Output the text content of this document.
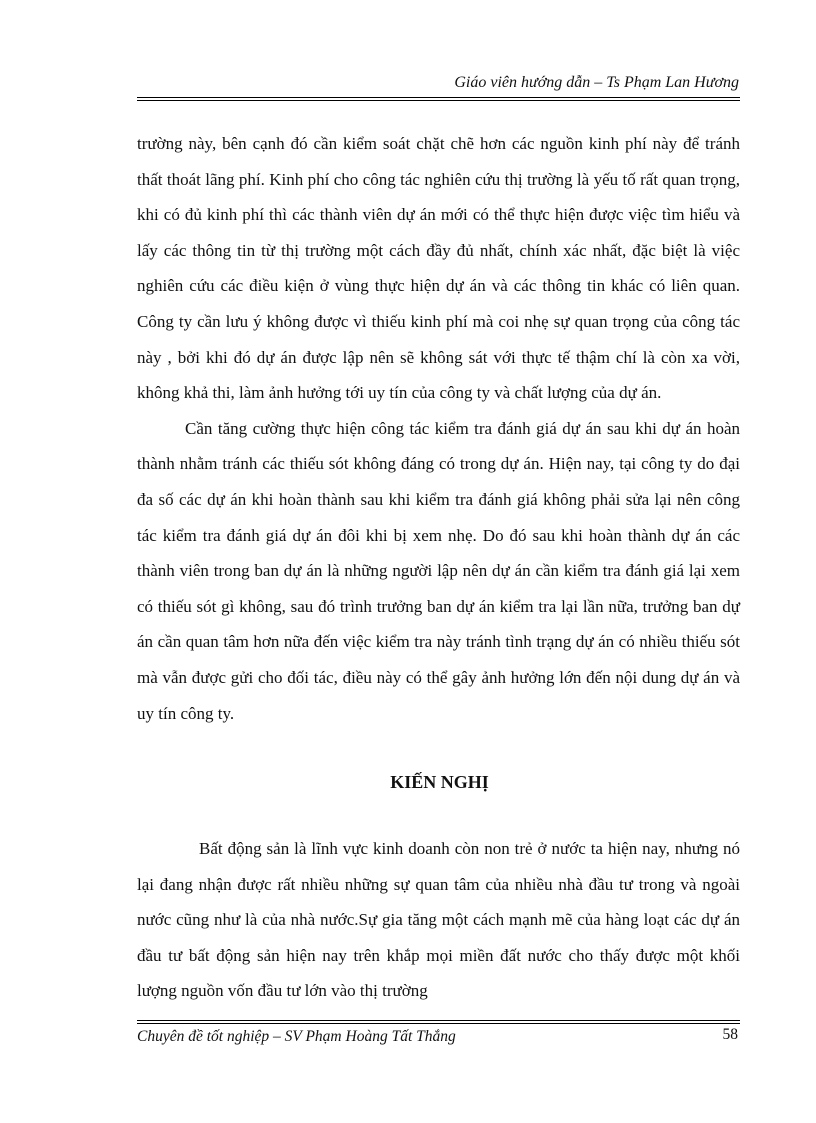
Giáo viên hướng dẫn – Ts Phạm Lan Hương

trường này, bên cạnh đó cần kiểm soát chặt chẽ hơn các nguồn kinh phí này để tránh thất thoát lãng phí. Kinh phí cho công tác nghiên cứu thị trường là yếu tố rất quan trọng, khi có đủ kinh phí thì các thành viên dự án mới có thể thực hiện được việc tìm hiểu và lấy các thông tin từ thị trường một cách đầy đủ nhất, chính xác nhất, đặc biệt là việc nghiên cứu các điều kiện ở vùng thực hiện dự án và các thông tin khác có liên quan. Công ty cần lưu ý không được vì thiếu kinh phí mà coi nhẹ sự quan trọng của công tác này , bởi khi đó dự án được lập nên sẽ không sát với thực tế thậm chí là còn xa vời, không khả thi, làm ảnh hưởng tới uy tín của công ty và chất lượng của dự án.

Cần tăng cường thực hiện công tác kiểm tra đánh giá dự án sau khi dự án hoàn thành nhằm tránh các thiếu sót không đáng có trong dự án. Hiện nay, tại công ty do đại đa số các dự án khi hoàn thành sau khi kiểm tra đánh giá không phải sửa lại nên công tác kiểm tra đánh giá dự án đôi khi bị xem nhẹ. Do đó sau khi hoàn thành dự án các thành viên trong ban dự án là những người lập nên dự án cần kiểm tra đánh giá lại xem có thiếu sót gì không, sau đó trình trưởng ban dự án kiểm tra lại lần nữa, trưởng ban dự án cần quan tâm hơn nữa đến việc kiểm tra này tránh tình trạng dự án có nhiều thiếu sót mà vẫn được gửi cho đối tác, điều này có thể gây ảnh hưởng lớn đến nội dung dự án và uy tín công ty.

KIẾN NGHỊ

Bất động sản là lĩnh vực kinh doanh còn non trẻ ở nước ta hiện nay, nhưng nó lại đang nhận được rất nhiều những sự quan tâm của nhiều nhà đầu tư trong và ngoài nước cũng như là của nhà nước.Sự gia tăng một cách mạnh mẽ của hàng loạt các dự án đầu tư bất động sản hiện nay trên khắp mọi miền đất nước cho thấy được một khối lượng nguồn vốn đầu tư lớn vào thị trường

Chuyên đề tốt nghiệp – SV Phạm Hoàng Tất Thắng	58
